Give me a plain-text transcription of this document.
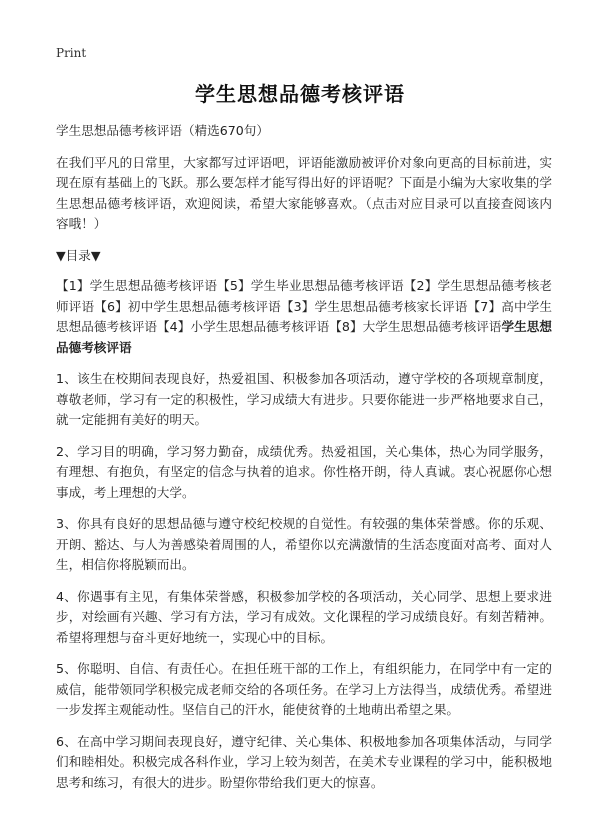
Print
学生思想品德考核评语

学生思想品德考核评语（精选670句）

在我们平凡的日常里，大家都写过评语吧，评语能激励被评价对象向更高的目标前进，实现在原有基础上的飞跃。那么要怎样才能写得出好的评语呢？下面是小编为大家收集的学生思想品德考核评语，欢迎阅读，希望大家能够喜欢。（点击对应目录可以直接查阅该内容哦！）

▼目录▼

【1】学生思想品德考核评语【5】学生毕业思想品德考核评语【2】学生思想品德考核老师评语【6】初中学生思想品德考核评语【3】学生思想品德考核家长评语【7】高中学生思想品德考核评语【4】小学生思想品德考核评语【8】大学生思想品德考核评语学生思想品德考核评语

1、该生在校期间表现良好，热爱祖国、积极参加各项活动，遵守学校的各项规章制度，尊敬老师，学习有一定的积极性，学习成绩大有进步。只要你能进一步严格地要求自己，就一定能拥有美好的明天。

2、学习目的明确，学习努力勤奋，成绩优秀。热爱祖国，关心集体，热心为同学服务，有理想、有抱负，有坚定的信念与执着的追求。你性格开朗，待人真诚。衷心祝愿你心想事成，考上理想的大学。

3、你具有良好的思想品德与遵守校纪校规的自觉性。有较强的集体荣誉感。你的乐观、开朗、豁达、与人为善感染着周围的人，希望你以充满激情的生活态度面对高考、面对人生，相信你将脱颖而出。

4、你遇事有主见，有集体荣誉感，积极参加学校的各项活动，关心同学、思想上要求进步，对绘画有兴趣、学习有方法，学习有成效。文化课程的学习成绩良好。有刻苦精神。希望将理想与奋斗更好地统一，实现心中的目标。

5、你聪明、自信、有责任心。在担任班干部的工作上，有组织能力，在同学中有一定的威信，能带领同学积极完成老师交给的各项任务。在学习上方法得当，成绩优秀。希望进一步发挥主观能动性。坚信自己的汗水，能使贫脊的土地萌出希望之果。

6、在高中学习期间表现良好，遵守纪律、关心集体、积极地参加各项集体活动，与同学们和睦相处。积极完成各科作业，学习上较为刻苦，在美术专业课程的学习中，能积极地思考和练习，有很大的进步。盼望你带给我们更大的惊喜。
